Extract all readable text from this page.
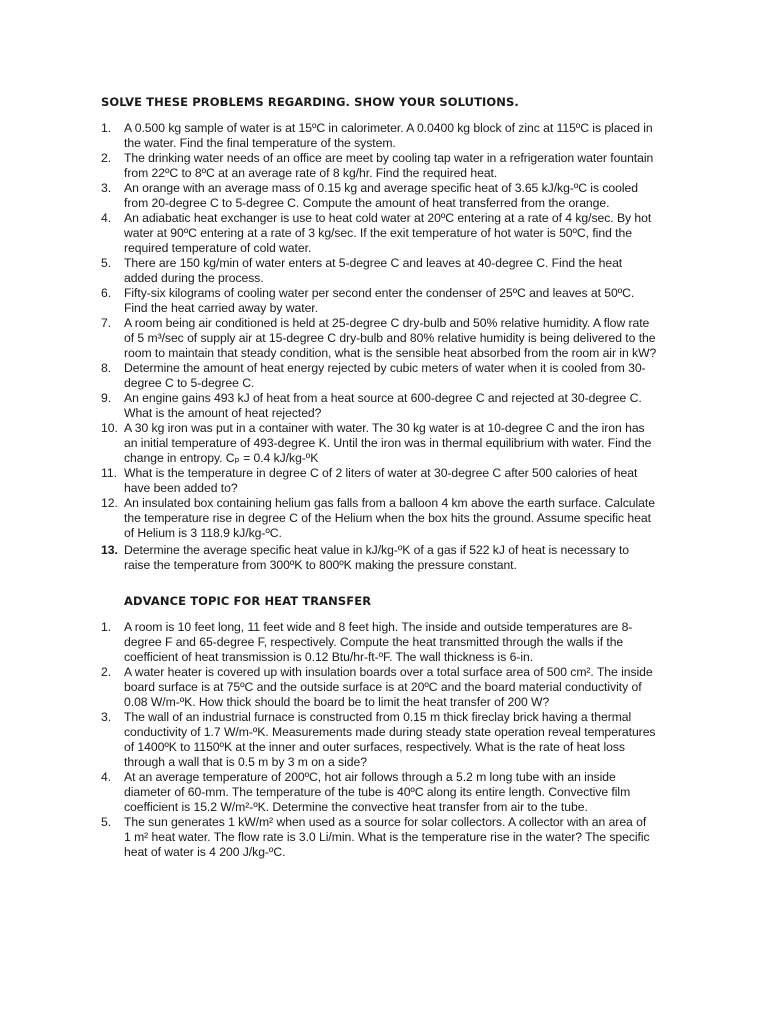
SOLVE THESE PROBLEMS REGARDING. SHOW YOUR SOLUTIONS.
1.	A 0.500 kg sample of water is at 15ºC in calorimeter. A 0.0400 kg block of zinc at 115ºC is placed in
the water. Find the final temperature of the system.
2.	The drinking water needs of an office are meet by cooling tap water in a refrigeration water fountain
from 22ºC to 8ºC at an average rate of 8 kg/hr. Find the required heat.
3.	An orange with an average mass of 0.15 kg and average specific heat of 3.65 kJ/kg-ºC is cooled
from 20-degree C to 5-degree C. Compute the amount of heat transferred from the orange.
4.	An adiabatic heat exchanger is use to heat cold water at 20ºC entering at a rate of 4 kg/sec. By hot
water at 90ºC entering at a rate of 3 kg/sec. If the exit temperature of hot water is 50ºC, find the
required temperature of cold water.
5.	There are 150 kg/min of water enters at 5-degree C and leaves at 40-degree C. Find the heat
added during the process.
6.	Fifty-six kilograms of cooling water per second enter the condenser of 25ºC and leaves at 50ºC.
Find the heat carried away by water.
7.	A room being air conditioned is held at 25-degree C dry-bulb and 50% relative humidity. A flow rate
of 5 m³/sec of supply air at 15-degree C dry-bulb and 80% relative humidity is being delivered to the
room to maintain that steady condition, what is the sensible heat absorbed from the room air in kW?
8.	Determine the amount of heat energy rejected by cubic meters of water when it is cooled from 30-
degree C to 5-degree C.
9.	An engine gains 493 kJ of heat from a heat source at 600-degree C and rejected at 30-degree C.
What is the amount of heat rejected?
10. A 30 kg iron was put in a container with water. The 30 kg water is at 10-degree C and the iron has
an initial temperature of 493-degree K. Until the iron was in thermal equilibrium with water. Find the
change in entropy. Cₚ = 0.4 kJ/kg-ºK
11. What is the temperature in degree C of 2 liters of water at 30-degree C after 500 calories of heat
have been added to?
12. An insulated box containing helium gas falls from a balloon 4 km above the earth surface. Calculate
the temperature rise in degree C of the Helium when the box hits the ground. Assume specific heat
of Helium is 3 118.9 kJ/kg-ºC.
13. Determine the average specific heat value in kJ/kg-ºK of a gas if 522 kJ of heat is necessary to
raise the temperature from 300ºK to 800ºK making the pressure constant.
ADVANCE TOPIC FOR HEAT TRANSFER
1.	A room is 10 feet long, 11 feet wide and 8 feet high. The inside and outside temperatures are 8-
degree F and 65-degree F, respectively. Compute the heat transmitted through the walls if the
coefficient of heat transmission is 0.12 Btu/hr-ft-ºF. The wall thickness is 6-in.
2.	A water heater is covered up with insulation boards over a total surface area of 500 cm². The inside
board surface is at 75ºC and the outside surface is at 20ºC and the board material conductivity of
0.08 W/m-ºK. How thick should the board be to limit the heat transfer of 200 W?
3.	The wall of an industrial furnace is constructed from 0.15 m thick fireclay brick having a thermal
conductivity of 1.7 W/m-ºK. Measurements made during steady state operation reveal temperatures
of 1400ºK to 1150ºK at the inner and outer surfaces, respectively. What is the rate of heat loss
through a wall that is 0.5 m by 3 m on a side?
4.	At an average temperature of 200ºC, hot air follows through a 5.2 m long tube with an inside
diameter of 60-mm. The temperature of the tube is 40ºC along its entire length. Convective film
coefficient is 15.2 W/m²-ºK. Determine the convective heat transfer from air to the tube.
5.	The sun generates 1 kW/m² when used as a source for solar collectors. A collector with an area of
1 m² heat water. The flow rate is 3.0 Li/min. What is the temperature rise in the water? The specific
heat of water is 4 200 J/kg-ºC.
